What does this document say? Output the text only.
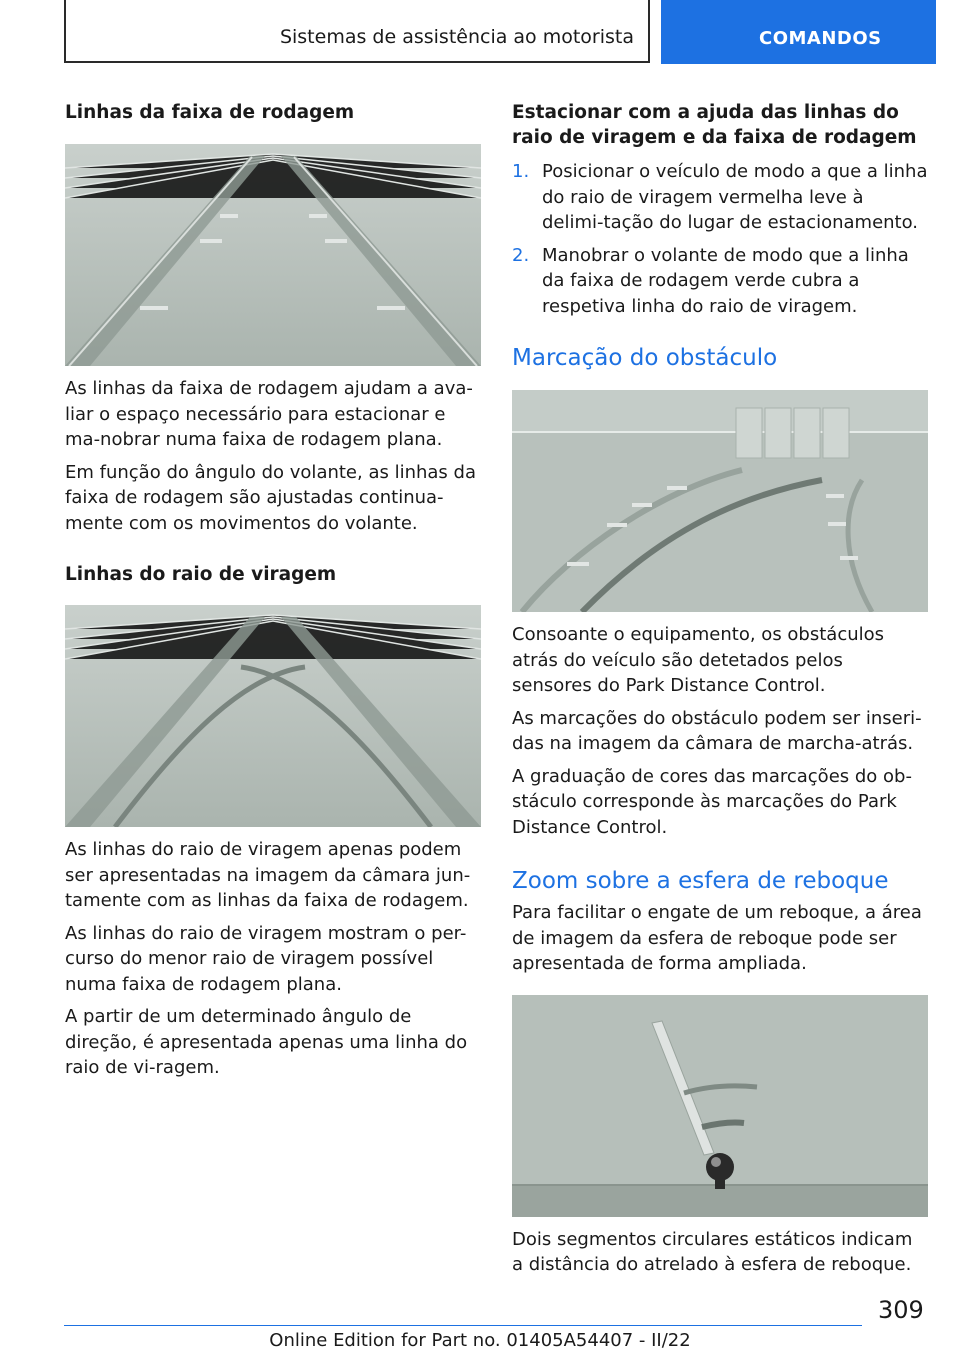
Sistemas de assistência ao motorista	COMANDOS
Linhas da faixa de rodagem

As linhas da faixa de rodagem ajudam a ava-liar o espaço necessário para estacionar e ma-nobrar numa faixa de rodagem plana.

Em função do ângulo do volante, as linhas da faixa de rodagem são ajustadas continua-mente com os movimentos do volante.

Linhas do raio de viragem

As linhas do raio de viragem apenas podem ser apresentadas na imagem da câmara jun-tamente com as linhas da faixa de rodagem.

As linhas do raio de viragem mostram o per-curso do menor raio de viragem possível numa faixa de rodagem plana.

A partir de um determinado ângulo de direção, é apresentada apenas uma linha do raio de vi-ragem.

Estacionar com a ajuda das linhas do raio de viragem e da faixa de rodagem
1. Posicionar o veículo de modo a que a linha do raio de viragem vermelha leve à delimi-tação do lugar de estacionamento.
2. Manobrar o volante de modo que a linha da faixa de rodagem verde cubra a respetiva linha do raio de viragem.
Marcação do obstáculo

Consoante o equipamento, os obstáculos atrás do veículo são detetados pelos sensores do Park Distance Control.

As marcações do obstáculo podem ser inseri-das na imagem da câmara de marcha-atrás.

A graduação de cores das marcações do ob-stáculo corresponde às marcações do Park Distance Control.

Zoom sobre a esfera de reboque

Para facilitar o engate de um reboque, a área de imagem da esfera de reboque pode ser apresentada de forma ampliada.

Dois segmentos circulares estáticos indicam a distância do atrelado à esfera de reboque.

309
Online Edition for Part no. 01405A54407 - II/22
